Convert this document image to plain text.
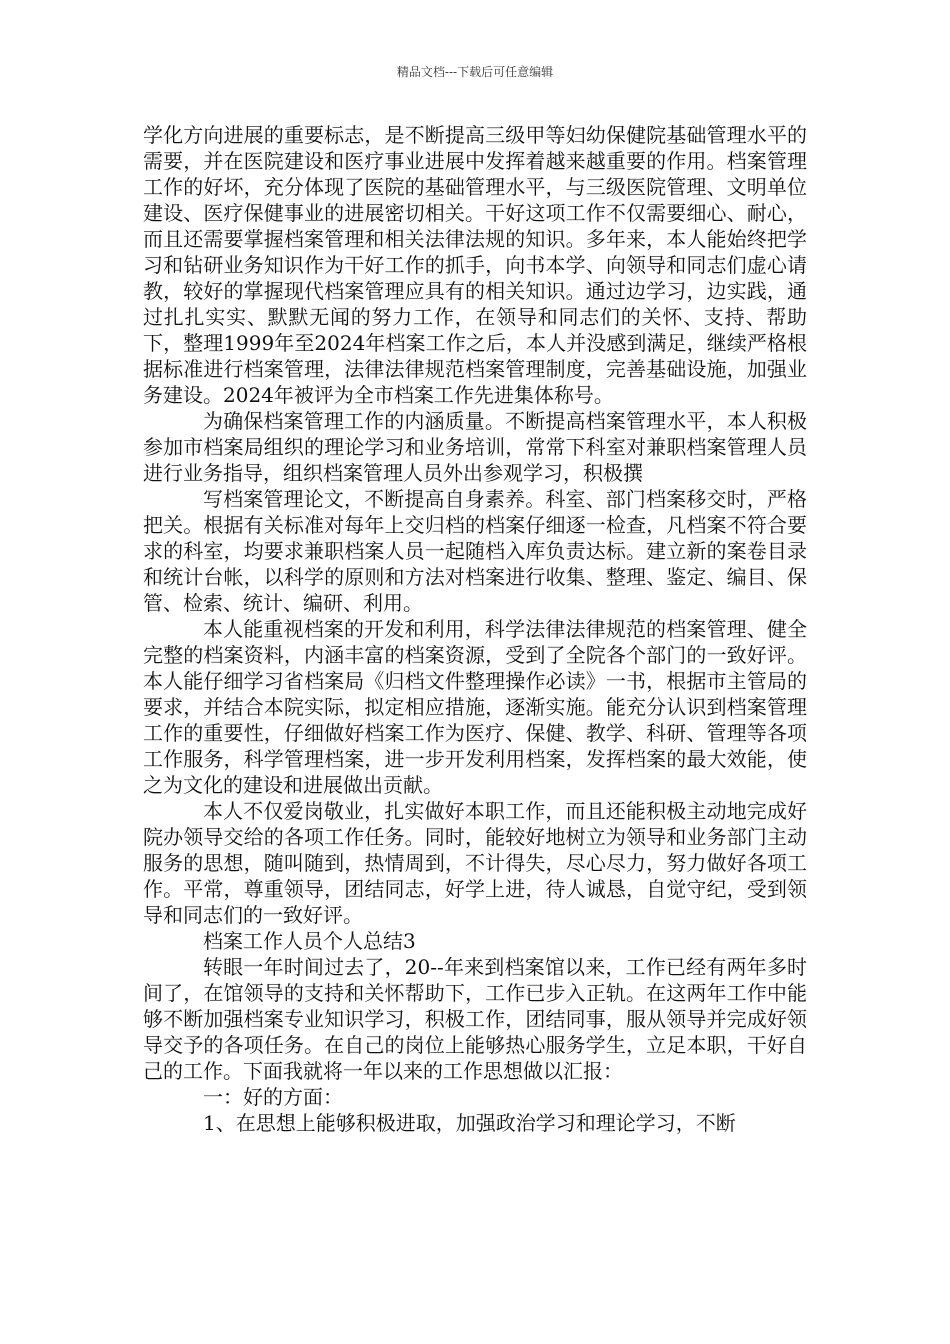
精品文档---下载后可任意编辑

学化方向进展的重要标志，是不断提高三级甲等妇幼保健院基础管理水平的需要，并在医院建设和医疗事业进展中发挥着越来越重要的作用。档案管理工作的好坏，充分体现了医院的基础管理水平，与三级医院管理、文明单位建设、医疗保健事业的进展密切相关。干好这项工作不仅需要细心、耐心，而且还需要掌握档案管理和相关法律法规的知识。多年来，本人能始终把学习和钻研业务知识作为干好工作的抓手，向书本学、向领导和同志们虚心请教，较好的掌握现代档案管理应具有的相关知识。通过边学习，边实践，通过扎扎实实、默默无闻的努力工作，在领导和同志们的关怀、支持、帮助下，整理1999年至2024年档案工作之后，本人并没感到满足，继续严格根据标准进行档案管理，法律法律规范档案管理制度，完善基础设施，加强业务建设。2024年被评为全市档案工作先进集体称号。

为确保档案管理工作的内涵质量。不断提高档案管理水平，本人积极参加市档案局组织的理论学习和业务培训，常常下科室对兼职档案管理人员进行业务指导，组织档案管理人员外出参观学习，积极撰

写档案管理论文，不断提高自身素养。科室、部门档案移交时，严格把关。根据有关标准对每年上交归档的档案仔细逐一检查，凡档案不符合要求的科室，均要求兼职档案人员一起随档入库负责达标。建立新的案卷目录和统计台帐，以科学的原则和方法对档案进行收集、整理、鉴定、编目、保管、检索、统计、编研、利用。

本人能重视档案的开发和利用，科学法律法律规范的档案管理、健全完整的档案资料，内涵丰富的档案资源，受到了全院各个部门的一致好评。本人能仔细学习省档案局《归档文件整理操作必读》一书，根据市主管局的要求，并结合本院实际，拟定相应措施，逐渐实施。能充分认识到档案管理工作的重要性，仔细做好档案工作为医疗、保健、教学、科研、管理等各项工作服务，科学管理档案，进一步开发利用档案，发挥档案的最大效能，使之为文化的建设和进展做出贡献。

本人不仅爱岗敬业，扎实做好本职工作，而且还能积极主动地完成好院办领导交给的各项工作任务。同时，能较好地树立为领导和业务部门主动服务的思想，随叫随到，热情周到，不计得失，尽心尽力，努力做好各项工作。平常，尊重领导，团结同志，好学上进，待人诚恳，自觉守纪，受到领导和同志们的一致好评。

档案工作人员个人总结3

转眼一年时间过去了，20--年来到档案馆以来，工作已经有两年多时间了，在馆领导的支持和关怀帮助下，工作已步入正轨。在这两年工作中能够不断加强档案专业知识学习，积极工作，团结同事，服从领导并完成好领导交予的各项任务。在自己的岗位上能够热心服务学生，立足本职，干好自己的工作。下面我就将一年以来的工作思想做以汇报：

一：好的方面：

1、在思想上能够积极进取，加强政治学习和理论学习，不断
